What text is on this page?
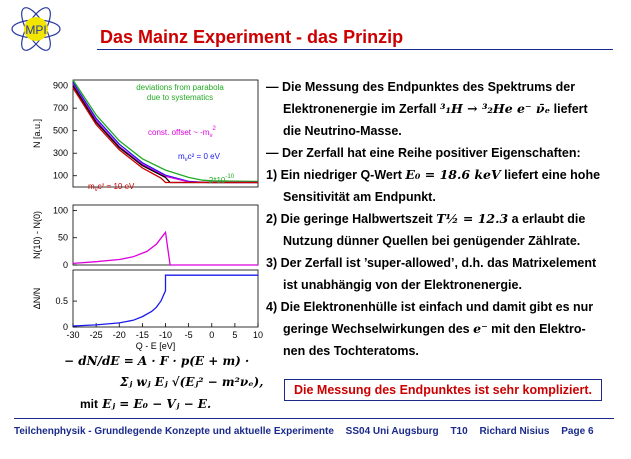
MPI	Das Mainz Experiment - das Prinzip
100
300
500
700
900
N [a.u.]
0
50
100
N(10) - N(0)
0
0.5
-30 -25 -20 -15 -10 -5 0 5 10
Q - E [eV]
ΔN/N
deviations from parabola
due to systematics
const. offset ~ $-m_\nu^2$
$m_\nu c^2 = 0$ eV
$m_\nu c^2 = 10$ eV
~ $2*10^{-10}$
− dN/dE = A · F · p(E + m) ·
Σⱼ wⱼ Eⱼ √(Eⱼ² − m²νₑ),
mit Eⱼ = E₀ − Vⱼ − E.
— Die Messung des Endpunktes des Spektrums der
Elektronenergie im Zerfall ³₁H → ³₂He e⁻ ν̄ₑ liefert
die Neutrino-Masse.
— Der Zerfall hat eine Reihe positiver Eigenschaften:
1) Ein niedriger Q-Wert E₀ = 18.6 keV liefert eine hohe
Sensitivität am Endpunkt.
2) Die geringe Halbwertszeit T½ = 12.3 a erlaubt die
Nutzung dünner Quellen bei genügender Zählrate.
3) Der Zerfall ist ’super-allowed’, d.h. das Matrixelement
ist unabhängig von der Elektronenergie.
4) Die Elektronenhülle ist einfach und damit gibt es nur
geringe Wechselwirkungen des e⁻ mit den Elektro-
nen des Tochteratoms.
Die Messung des Endpunktes ist sehr kompliziert.
Teilchenphysik - Grundlegende Konzepte und aktuelle Experimente SS04 Uni Augsburg T10 Richard Nisius Page 6
